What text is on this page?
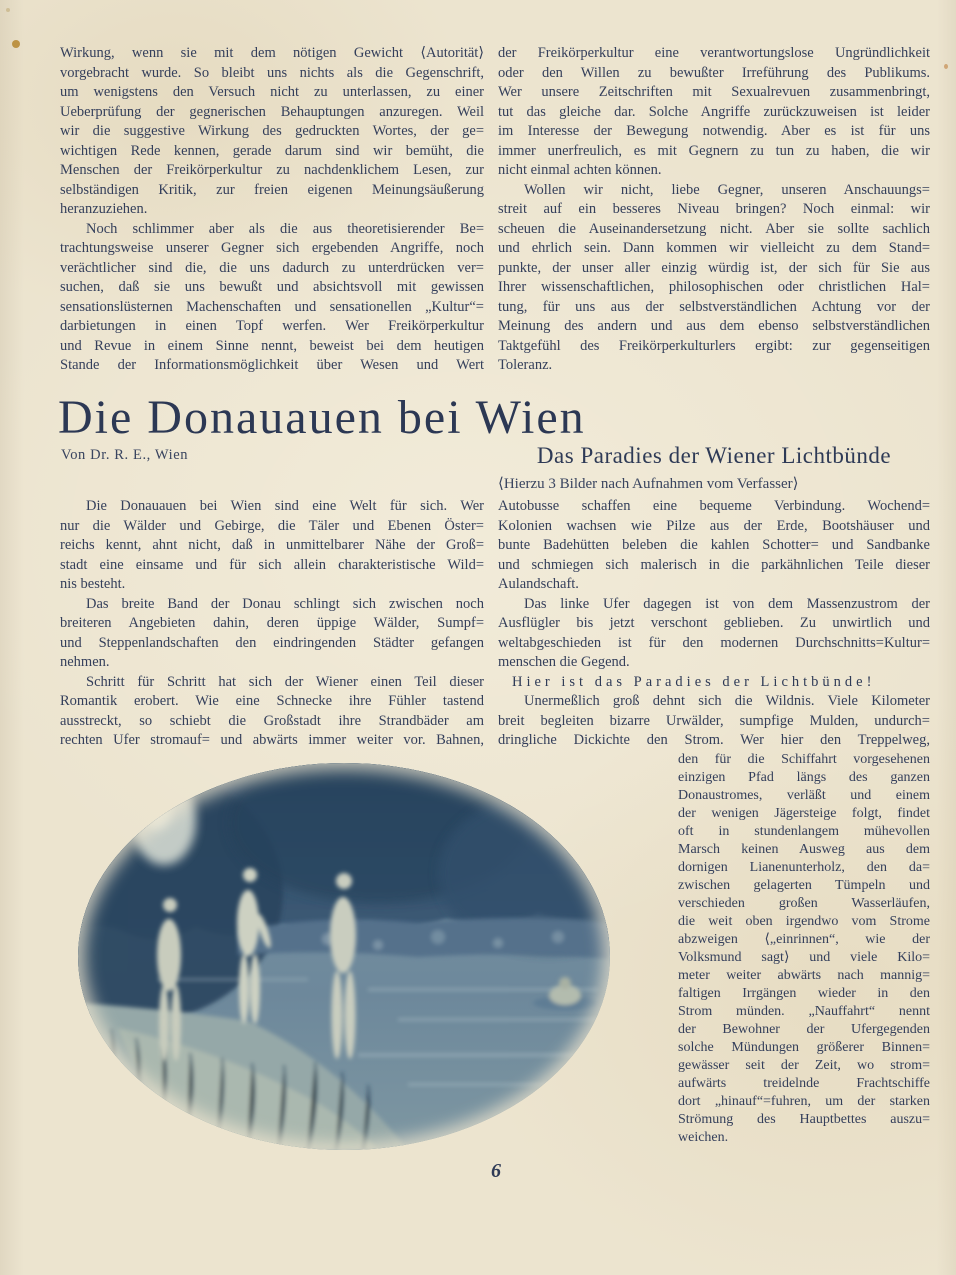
Wirkung, wenn sie mit dem nötigen Gewicht ⟨Autorität⟩
vorgebracht wurde. So bleibt uns nichts als die Gegenschrift,
um wenigstens den Versuch nicht zu unterlassen, zu einer
Ueberprüfung der gegnerischen Behauptungen anzuregen. Weil
wir die suggestive Wirkung des gedruckten Wortes, der ge=
wichtigen Rede kennen, gerade darum sind wir bemüht, die
Menschen der Freikörperkultur zu nachdenklichem Lesen, zur
selbständigen Kritik, zur freien eigenen Meinungsäußerung
heranzuziehen.
Noch schlimmer aber als die aus theoretisierender Be=
trachtungsweise unserer Gegner sich ergebenden Angriffe, noch
verächtlicher sind die, die uns dadurch zu unterdrücken ver=
suchen, daß sie uns bewußt und absichtsvoll mit gewissen
sensationslüsternen Machenschaften und sensationellen „Kultur“=
darbietungen in einen Topf werfen. Wer Freikörperkultur
und Revue in einem Sinne nennt, beweist bei dem heutigen
Stande der Informationsmöglichkeit über Wesen und Wert
der Freikörperkultur eine verantwortungslose Ungründlichkeit
oder den Willen zu bewußter Irreführung des Publikums.
Wer unsere Zeitschriften mit Sexualrevuen zusammenbringt,
tut das gleiche dar. Solche Angriffe zurückzuweisen ist leider
im Interesse der Bewegung notwendig. Aber es ist für uns
immer unerfreulich, es mit Gegnern zu tun zu haben, die wir
nicht einmal achten können.
Wollen wir nicht, liebe Gegner, unseren Anschauungs=
streit auf ein besseres Niveau bringen? Noch einmal: wir
scheuen die Auseinandersetzung nicht. Aber sie sollte sachlich
und ehrlich sein. Dann kommen wir vielleicht zu dem Stand=
punkte, der unser aller einzig würdig ist, der sich für Sie aus
Ihrer wissenschaftlichen, philosophischen oder christlichen Hal=
tung, für uns aus der selbstverständlichen Achtung vor der
Meinung des andern und aus dem ebenso selbstverständlichen
Taktgefühl des Freikörperkulturlers ergibt: zur gegenseitigen
Toleranz.
Die Donauauen bei Wien
Von Dr. R. E., Wien	Das Paradies der Wiener Lichtbünde
⟨Hierzu 3 Bilder nach Aufnahmen vom Verfasser⟩
Die Donauauen bei Wien sind eine Welt für sich. Wer
nur die Wälder und Gebirge, die Täler und Ebenen Öster=
reichs kennt, ahnt nicht, daß in unmittelbarer Nähe der Groß=
stadt eine einsame und für sich allein charakteristische Wild=
nis besteht.
Das breite Band der Donau schlingt sich zwischen noch
breiteren Angebieten dahin, deren üppige Wälder, Sumpf=
und Steppenlandschaften den eindringenden Städter gefangen
nehmen.
Schritt für Schritt hat sich der Wiener einen Teil dieser
Romantik erobert. Wie eine Schnecke ihre Fühler tastend
ausstreckt, so schiebt die Großstadt ihre Strandbäder am
rechten Ufer stromauf= und abwärts immer weiter vor. Bahnen,
Autobusse schaffen eine bequeme Verbindung. Wochend=
Kolonien wachsen wie Pilze aus der Erde, Bootshäuser und
bunte Badehütten beleben die kahlen Schotter= und Sandbanke
und schmiegen sich malerisch in die parkähnlichen Teile dieser
Aulandschaft.
Das linke Ufer dagegen ist von dem Massenzustrom der
Ausflügler bis jetzt verschont geblieben. Zu unwirtlich und
weltabgeschieden ist für den modernen Durchschnitts=Kultur=
menschen die Gegend.
Hier ist das Paradies der Lichtbünde!
Unermeßlich groß dehnt sich die Wildnis. Viele Kilometer
breit begleiten bizarre Urwälder, sumpfige Mulden, undurch=
dringliche Dickichte den Strom. Wer hier den Treppelweg,
den für die Schiffahrt vorgesehenen
einzigen Pfad längs des ganzen
Donaustromes, verläßt und einem
der wenigen Jägersteige folgt, findet
oft in stundenlangem mühevollen
Marsch keinen Ausweg aus dem
dornigen Lianenunterholz, den da=
zwischen gelagerten Tümpeln und
verschieden großen Wasserläufen,
die weit oben irgendwo vom Strome
abzweigen ⟨„einrinnen“, wie der
Volksmund sagt⟩ und viele Kilo=
meter weiter abwärts nach mannig=
faltigen Irrgängen wieder in den
Strom münden. „Nauffahrt“ nennt
der Bewohner der Ufergegenden
solche Mündungen größerer Binnen=
gewässer seit der Zeit, wo strom=
aufwärts treidelnde Frachtschiffe
dort „hinauf“=fuhren, um der starken
Strömung des Hauptbettes auszu=
weichen.
6
